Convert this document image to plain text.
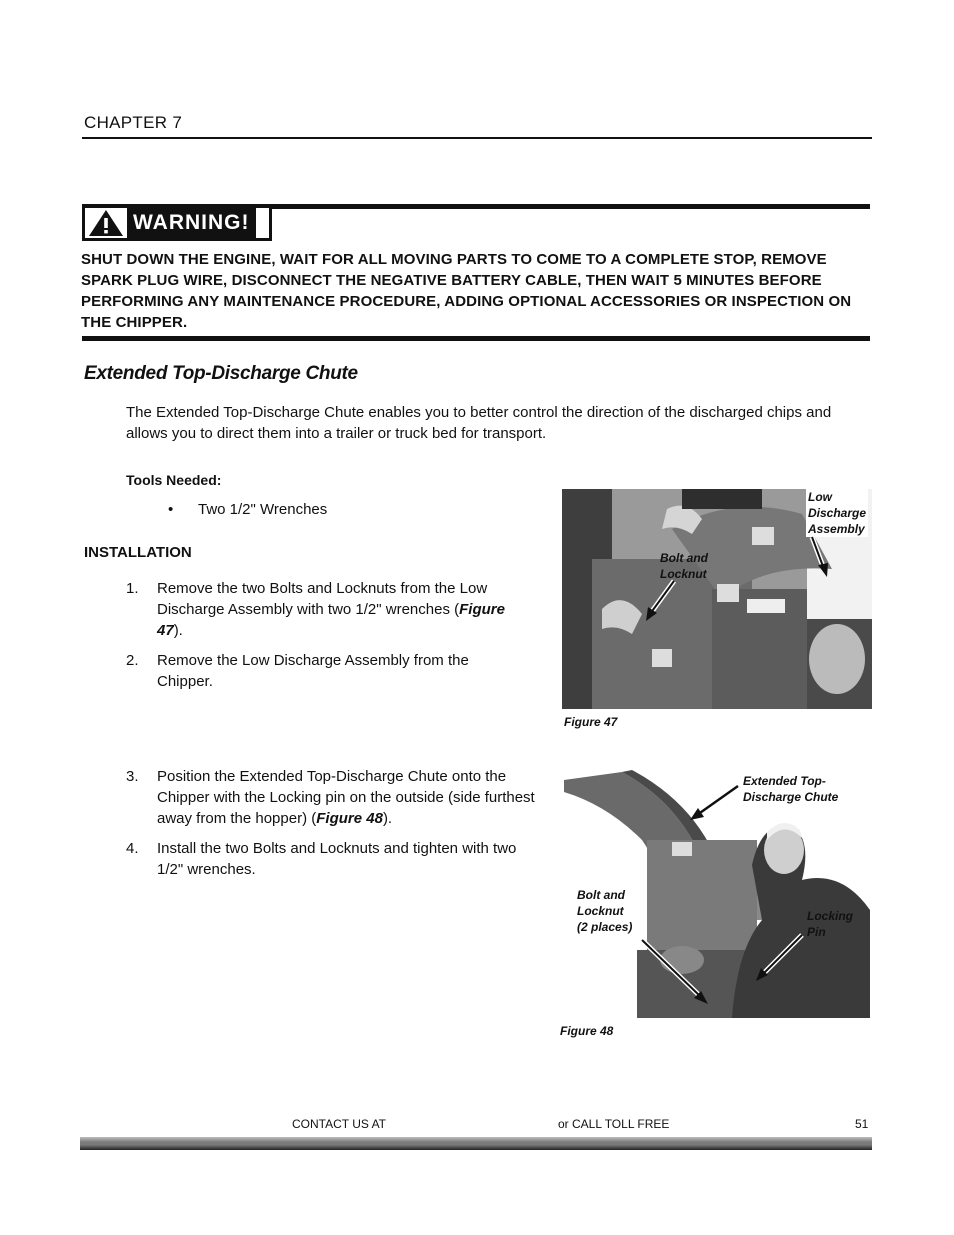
CHAPTER 7
WARNING!
SHUT DOWN THE ENGINE, WAIT FOR ALL MOVING PARTS TO COME TO A COMPLETE STOP, REMOVE SPARK PLUG WIRE, DISCONNECT THE NEGATIVE BATTERY CABLE, THEN WAIT 5 MINUTES BEFORE PERFORMING ANY MAINTENANCE PROCEDURE, ADDING OPTIONAL ACCESSORIES OR INSPECTION ON THE CHIPPER.
Extended Top-Discharge Chute
The Extended Top-Discharge Chute enables you to better control the direction of the discharged chips and allows you to direct them into a trailer or truck bed for transport.
Tools Needed:
• Two 1/2" Wrenches
INSTALLATION
1. Remove the two Bolts and Locknuts from the Low Discharge Assembly with two 1/2" wrenches (Figure 47).
2. Remove the Low Discharge Assembly from the Chipper.
3. Position the Extended Top-Discharge Chute onto the Chipper with the Locking pin on the outside (side furthest away from the hopper) (Figure 48).
4. Install the two Bolts and Locknuts and tighten with two 1/2" wrenches.
Low
Discharge
Assembly
Bolt and
Locknut
Figure 47
Extended Top-
Discharge Chute
Bolt and
Locknut
(2 places)
Locking
Pin
Figure 48
CONTACT US AT	or CALL TOLL FREE	51
